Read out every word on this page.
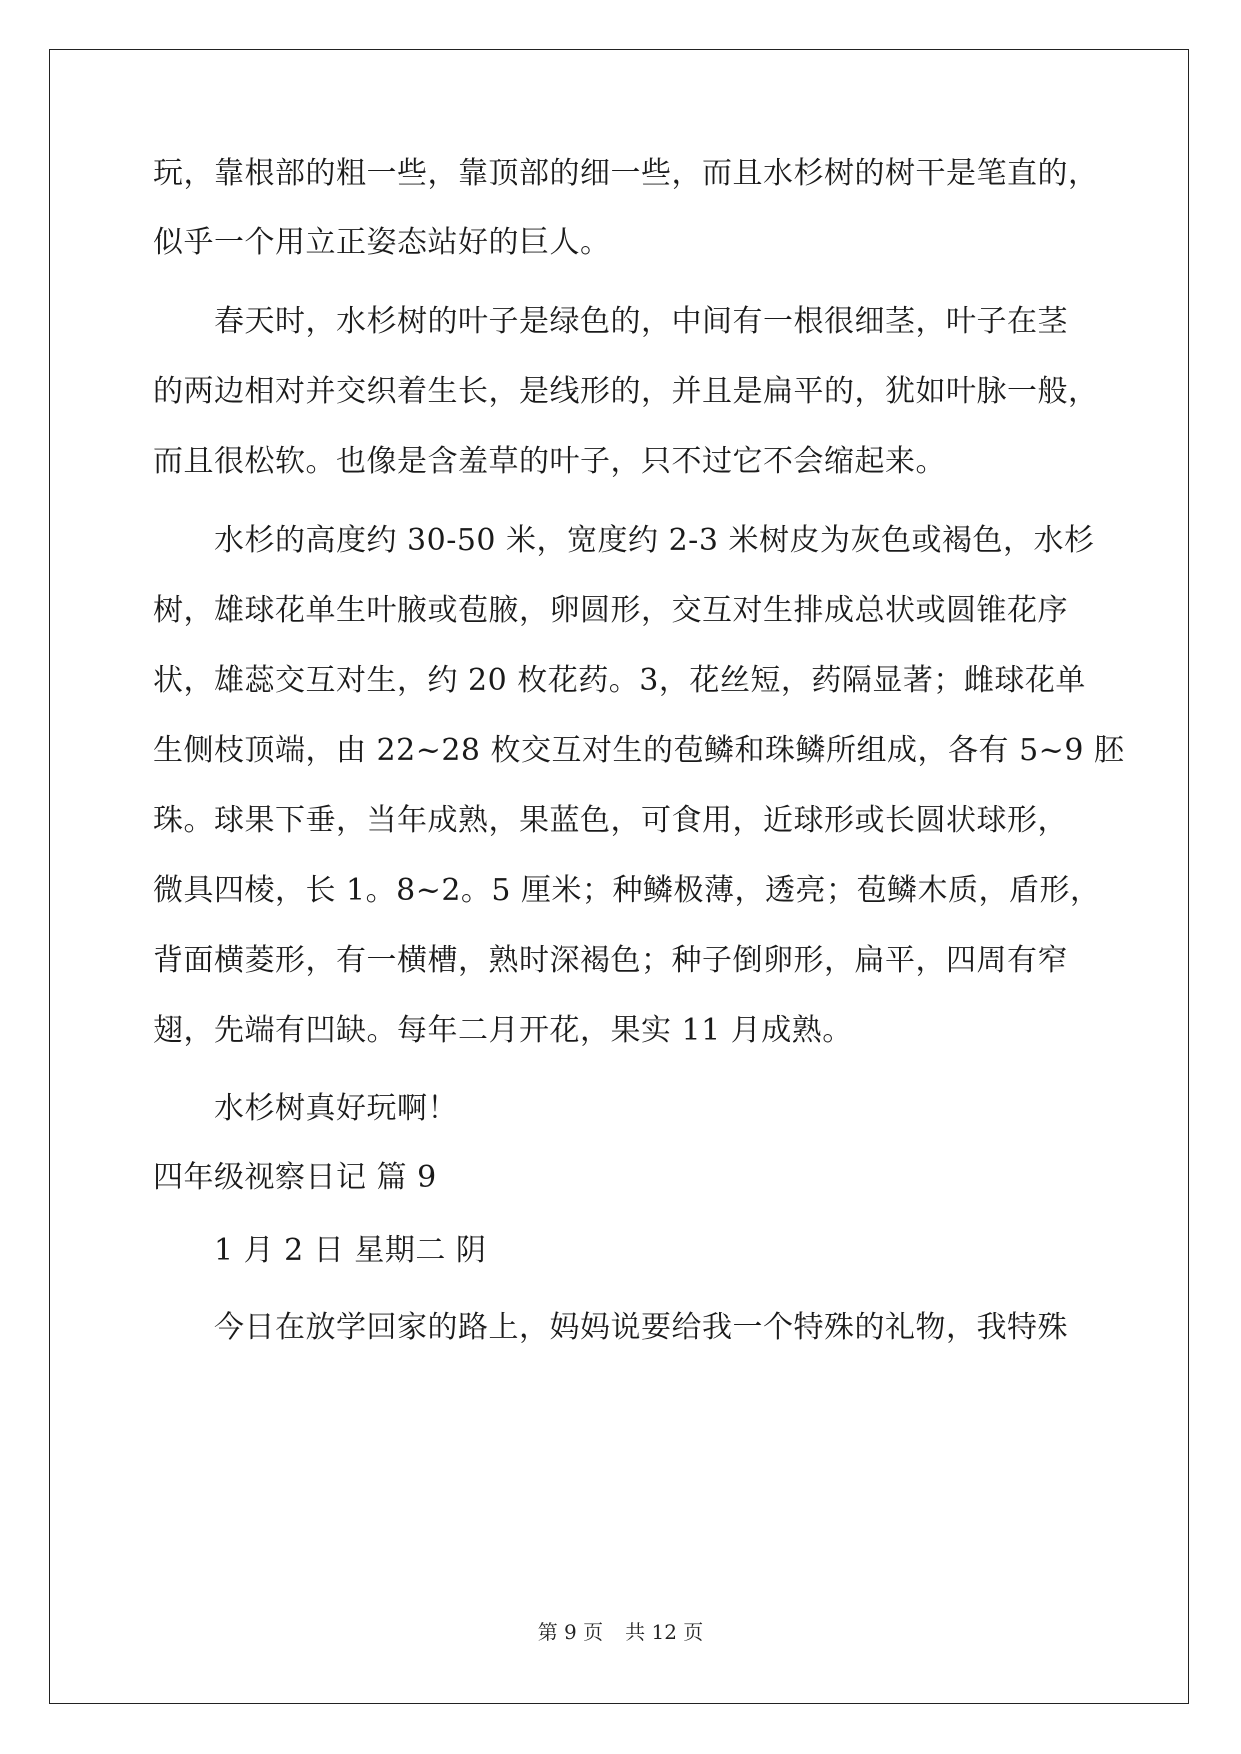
玩，靠根部的粗一些，靠顶部的细一些，而且水杉树的树干是笔直的，
似乎一个用立正姿态站好的巨人。
春天时，水杉树的叶子是绿色的，中间有一根很细茎，叶子在茎
的两边相对并交织着生长，是线形的，并且是扁平的，犹如叶脉一般，
而且很松软。也像是含羞草的叶子，只不过它不会缩起来。
水杉的高度约 30-50 米，宽度约 2-3 米树皮为灰色或褐色，水杉
树，雄球花单生叶腋或苞腋，卵圆形，交互对生排成总状或圆锥花序
状，雄蕊交互对生，约 20 枚花药。3，花丝短，药隔显著；雌球花单
生侧枝顶端，由 22~28 枚交互对生的苞鳞和珠鳞所组成，各有 5~9 胚
珠。球果下垂，当年成熟，果蓝色，可食用，近球形或长圆状球形，
微具四棱，长 1。8~2。5 厘米；种鳞极薄，透亮；苞鳞木质，盾形，
背面横菱形，有一横槽，熟时深褐色；种子倒卵形，扁平，四周有窄
翅，先端有凹缺。每年二月开花，果实 11 月成熟。
水杉树真好玩啊！
四年级视察日记 篇 9
1 月 2 日 星期二 阴
今日在放学回家的路上，妈妈说要给我一个特殊的礼物，我特殊
第 9 页 共 12 页
